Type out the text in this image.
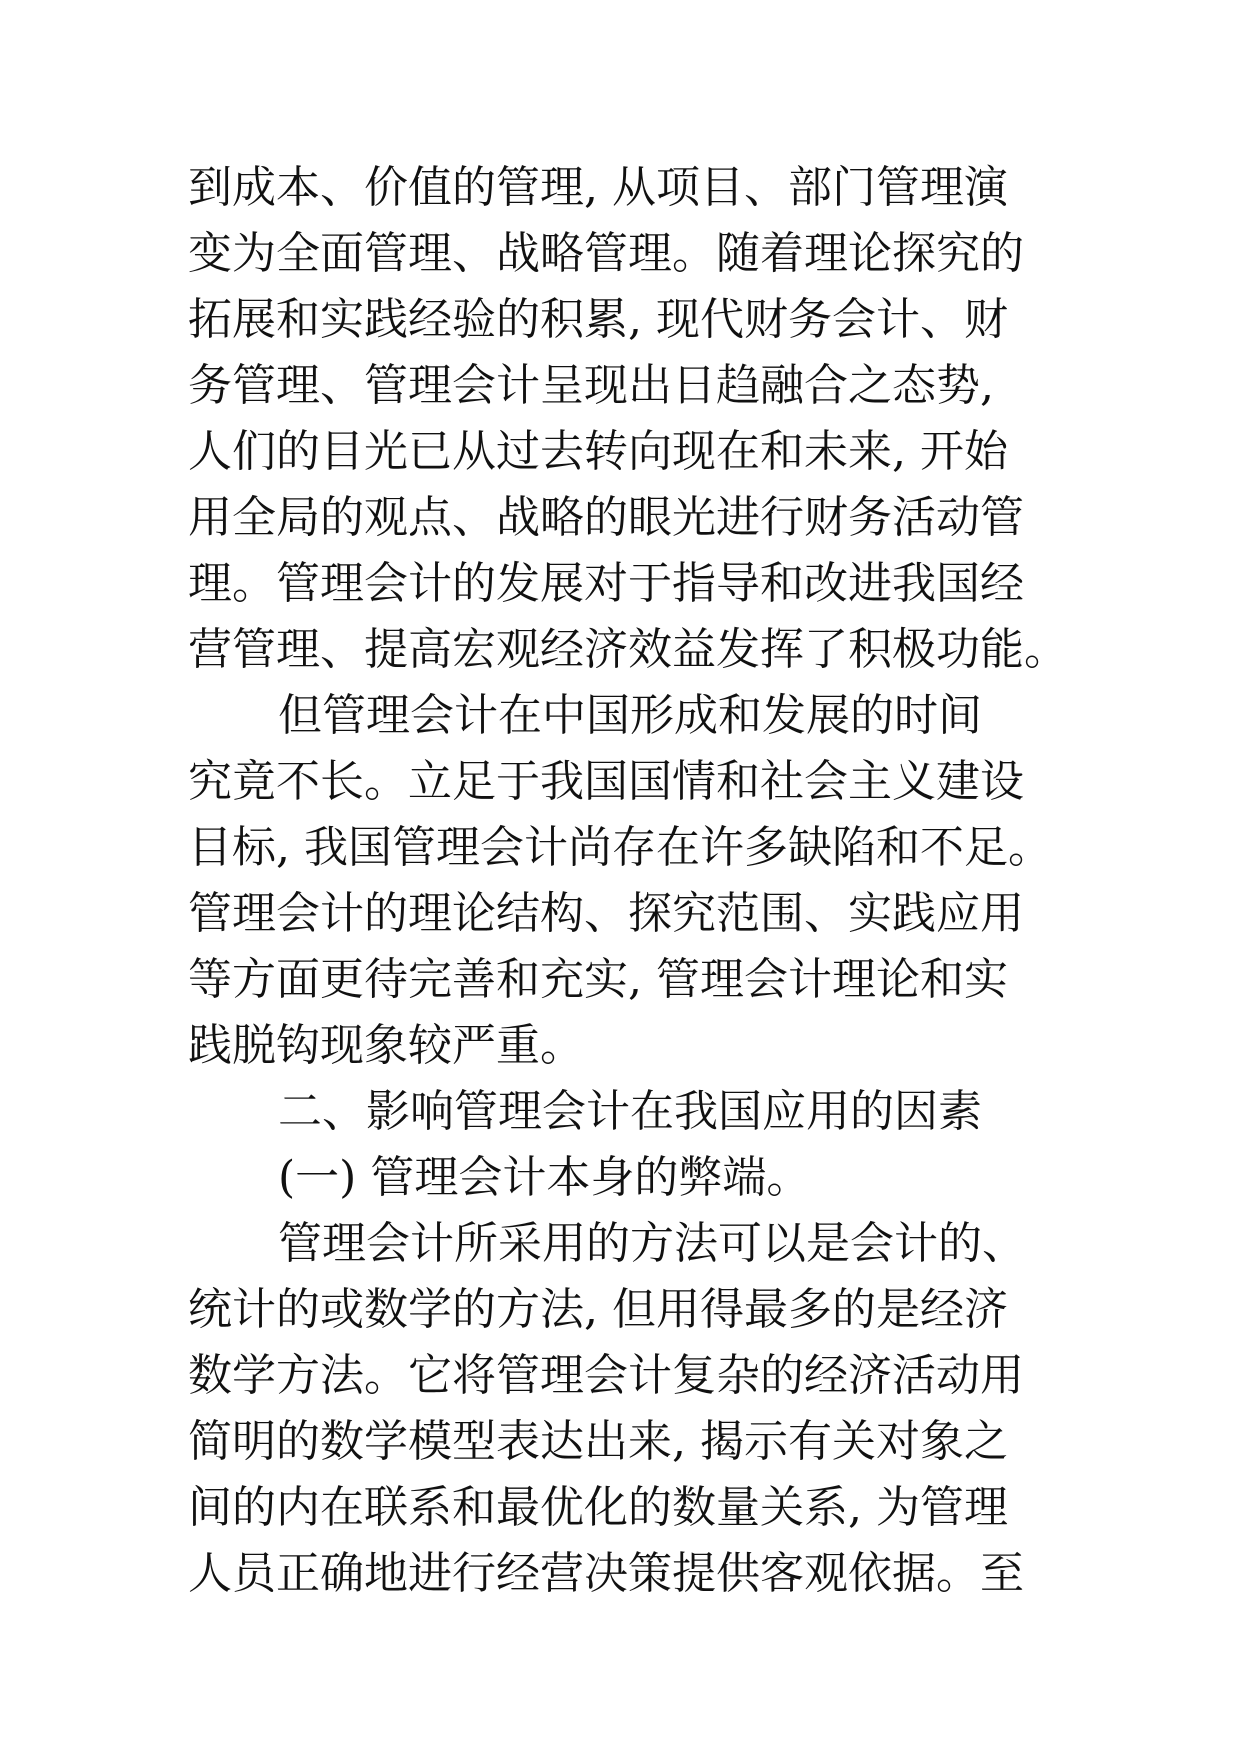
到成本、价值的管理, 从项目、部门管理演
变为全面管理、战略管理。随着理论探究的
拓展和实践经验的积累, 现代财务会计、财
务管理、管理会计呈现出日趋融合之态势,
人们的目光已从过去转向现在和未来, 开始
用全局的观点、战略的眼光进行财务活动管
理。管理会计的发展对于指导和改进我国经
营管理、提高宏观经济效益发挥了积极功能。
但管理会计在中国形成和发展的时间
究竟不长。立足于我国国情和社会主义建设
目标, 我国管理会计尚存在许多缺陷和不足。
管理会计的理论结构、探究范围、实践应用
等方面更待完善和充实, 管理会计理论和实
践脱钩现象较严重。
二、影响管理会计在我国应用的因素
(一) 管理会计本身的弊端。
管理会计所采用的方法可以是会计的、
统计的或数学的方法, 但用得最多的是经济
数学方法。它将管理会计复杂的经济活动用
简明的数学模型表达出来, 揭示有关对象之
间的内在联系和最优化的数量关系, 为管理
人员正确地进行经营决策提供客观依据。至
